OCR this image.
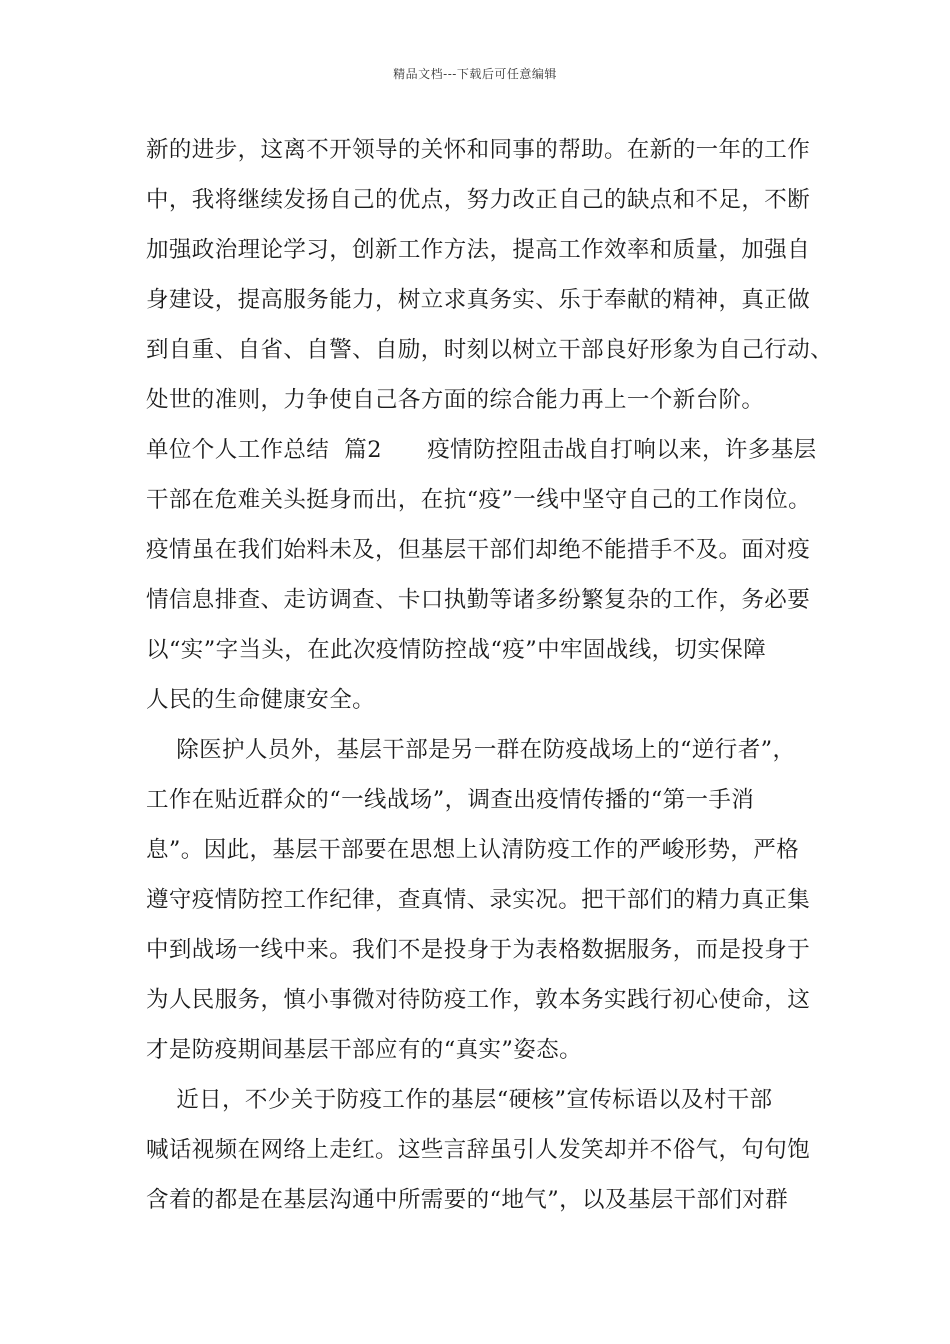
精品文档---下载后可任意编辑
新的进步，这离不开领导的关怀和同事的帮助。在新的一年的工作
中，我将继续发扬自己的优点，努力改正自己的缺点和不足，不断
加强政治理论学习，创新工作方法，提高工作效率和质量，加强自
身建设，提高服务能力，树立求真务实、乐于奉献的精神，真正做
到自重、自省、自警、自励，时刻以树立干部良好形象为自己行动、
处世的准则，力争使自己各方面的综合能力再上一个新台阶。
单位个人工作总结  篇2      疫情防控阻击战自打响以来，许多基层
干部在危难关头挺身而出，在抗“疫”一线中坚守自己的工作岗位。
疫情虽在我们始料未及，但基层干部们却绝不能措手不及。面对疫
情信息排查、走访调查、卡口执勤等诸多纷繁复杂的工作，务必要
以“实”字当头，在此次疫情防控战“疫”中牢固战线，切实保障
人民的生命健康安全。
除医护人员外，基层干部是另一群在防疫战场上的“逆行者”，
工作在贴近群众的“一线战场”，调查出疫情传播的“第一手消
息”。因此，基层干部要在思想上认清防疫工作的严峻形势，严格
遵守疫情防控工作纪律，查真情、录实况。把干部们的精力真正集
中到战场一线中来。我们不是投身于为表格数据服务，而是投身于
为人民服务，慎小事微对待防疫工作，敦本务实践行初心使命，这
才是防疫期间基层干部应有的“真实”姿态。
近日，不少关于防疫工作的基层“硬核”宣传标语以及村干部
喊话视频在网络上走红。这些言辞虽引人发笑却并不俗气，句句饱
含着的都是在基层沟通中所需要的“地气”，以及基层干部们对群
